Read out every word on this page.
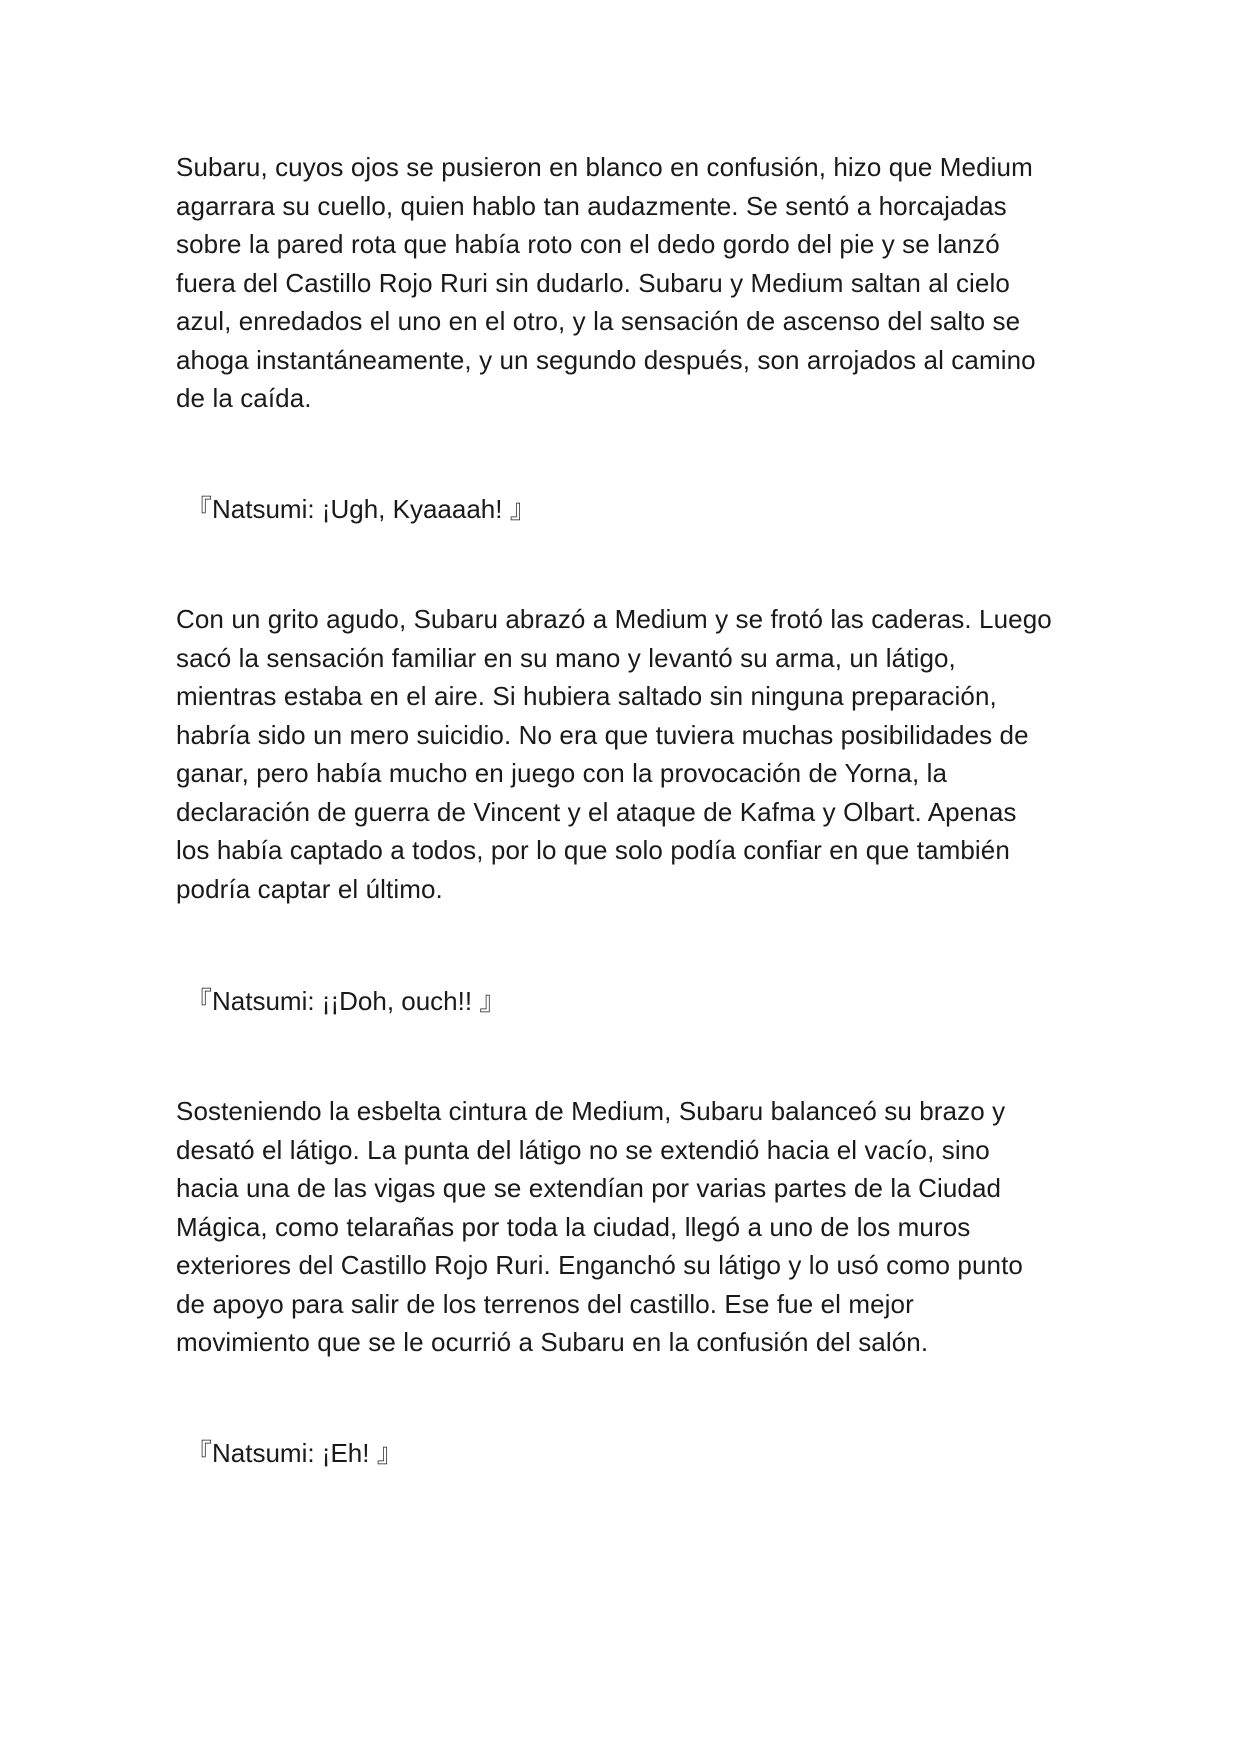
Subaru, cuyos ojos se pusieron en blanco en confusión, hizo que Medium
agarrara su cuello, quien hablo tan audazmente. Se sentó a horcajadas
sobre la pared rota que había roto con el dedo gordo del pie y se lanzó
fuera del Castillo Rojo Ruri sin dudarlo. Subaru y Medium saltan al cielo
azul, enredados el uno en el otro, y la sensación de ascenso del salto se
ahoga instantáneamente, y un segundo después, son arrojados al camino
de la caída.

『Natsumi: ¡Ugh, Kyaaaah! 』

Con un grito agudo, Subaru abrazó a Medium y se frotó las caderas. Luego
sacó la sensación familiar en su mano y levantó su arma, un látigo,
mientras estaba en el aire. Si hubiera saltado sin ninguna preparación,
habría sido un mero suicidio. No era que tuviera muchas posibilidades de
ganar, pero había mucho en juego con la provocación de Yorna, la
declaración de guerra de Vincent y el ataque de Kafma y Olbart. Apenas
los había captado a todos, por lo que solo podía confiar en que también
podría captar el último.

『Natsumi: ¡¡Doh, ouch!! 』

Sosteniendo la esbelta cintura de Medium, Subaru balanceó su brazo y
desató el látigo. La punta del látigo no se extendió hacia el vacío, sino
hacia una de las vigas que se extendían por varias partes de la Ciudad
Mágica, como telarañas por toda la ciudad, llegó a uno de los muros
exteriores del Castillo Rojo Ruri. Enganchó su látigo y lo usó como punto
de apoyo para salir de los terrenos del castillo. Ese fue el mejor
movimiento que se le ocurrió a Subaru en la confusión del salón.

『Natsumi: ¡Eh! 』
